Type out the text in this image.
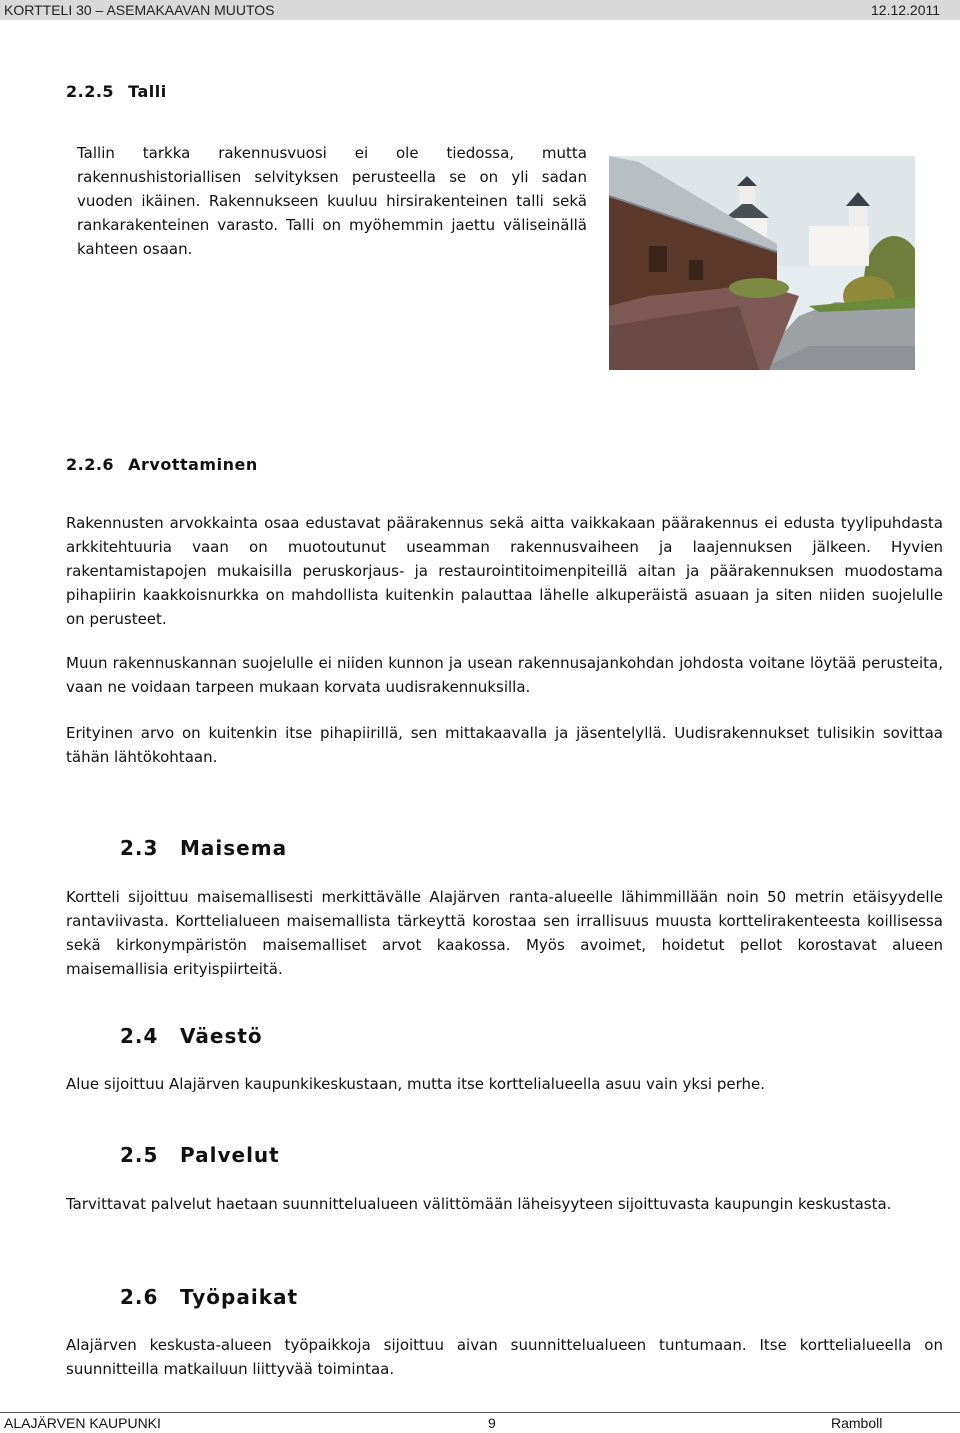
KORTTELI 30 – ASEMAKAAVAN MUUTOS	12.12.2011
2.2.5 Talli

Tallin tarkka rakennusvuosi ei ole tiedossa, mutta rakennushistoriallisen selvityksen perusteella se on yli sadan vuoden ikäinen. Rakennukseen kuuluu hirsirakenteinen talli sekä rankarakenteinen varasto. Talli on myöhemmin jaettu väliseinällä kahteen osaan.

2.2.6 Arvottaminen

Rakennusten arvokkainta osaa edustavat päärakennus sekä aitta vaikkakaan päärakennus ei edusta tyylipuhdasta arkkitehtuuria vaan on muotoutunut useamman rakennusvaiheen ja laajennuksen jälkeen. Hyvien rakentamistapojen mukaisilla peruskorjaus- ja restaurointitoimenpiteillä aitan ja päärakennuksen muodostama pihapiirin kaakkoisnurkka on mahdollista kuitenkin palauttaa lähelle alkuperäistä asuaan ja siten niiden suojelulle on perusteet.

Muun rakennuskannan suojelulle ei niiden kunnon ja usean rakennusajankohdan johdosta voitane löytää perusteita, vaan ne voidaan tarpeen mukaan korvata uudisrakennuksilla.

Erityinen arvo on kuitenkin itse pihapiirillä, sen mittakaavalla ja jäsentelyllä. Uudisrakennukset tulisikin sovittaa tähän lähtökohtaan.

2.3 Maisema

Kortteli sijoittuu maisemallisesti merkittävälle Alajärven ranta-alueelle lähimmillään noin 50 metrin etäisyydelle rantaviivasta. Korttelialueen maisemallista tärkeyttä korostaa sen irrallisuus muusta korttelirakenteesta koillisessa sekä kirkonympäristön maisemalliset arvot kaakossa. Myös avoimet, hoidetut pellot korostavat alueen maisemallisia erityispiirteitä.

2.4 Väestö

Alue sijoittuu Alajärven kaupunkikeskustaan, mutta itse korttelialueella asuu vain yksi perhe.

2.5 Palvelut

Tarvittavat palvelut haetaan suunnittelualueen välittömään läheisyyteen sijoittuvasta kaupungin keskustasta.

2.6 Työpaikat

Alajärven keskusta-alueen työpaikkoja sijoittuu aivan suunnittelualueen tuntumaan. Itse korttelialueella on suunnitteilla matkailuun liittyvää toimintaa.

ALAJÄRVEN KAUPUNKI	9	Ramboll
